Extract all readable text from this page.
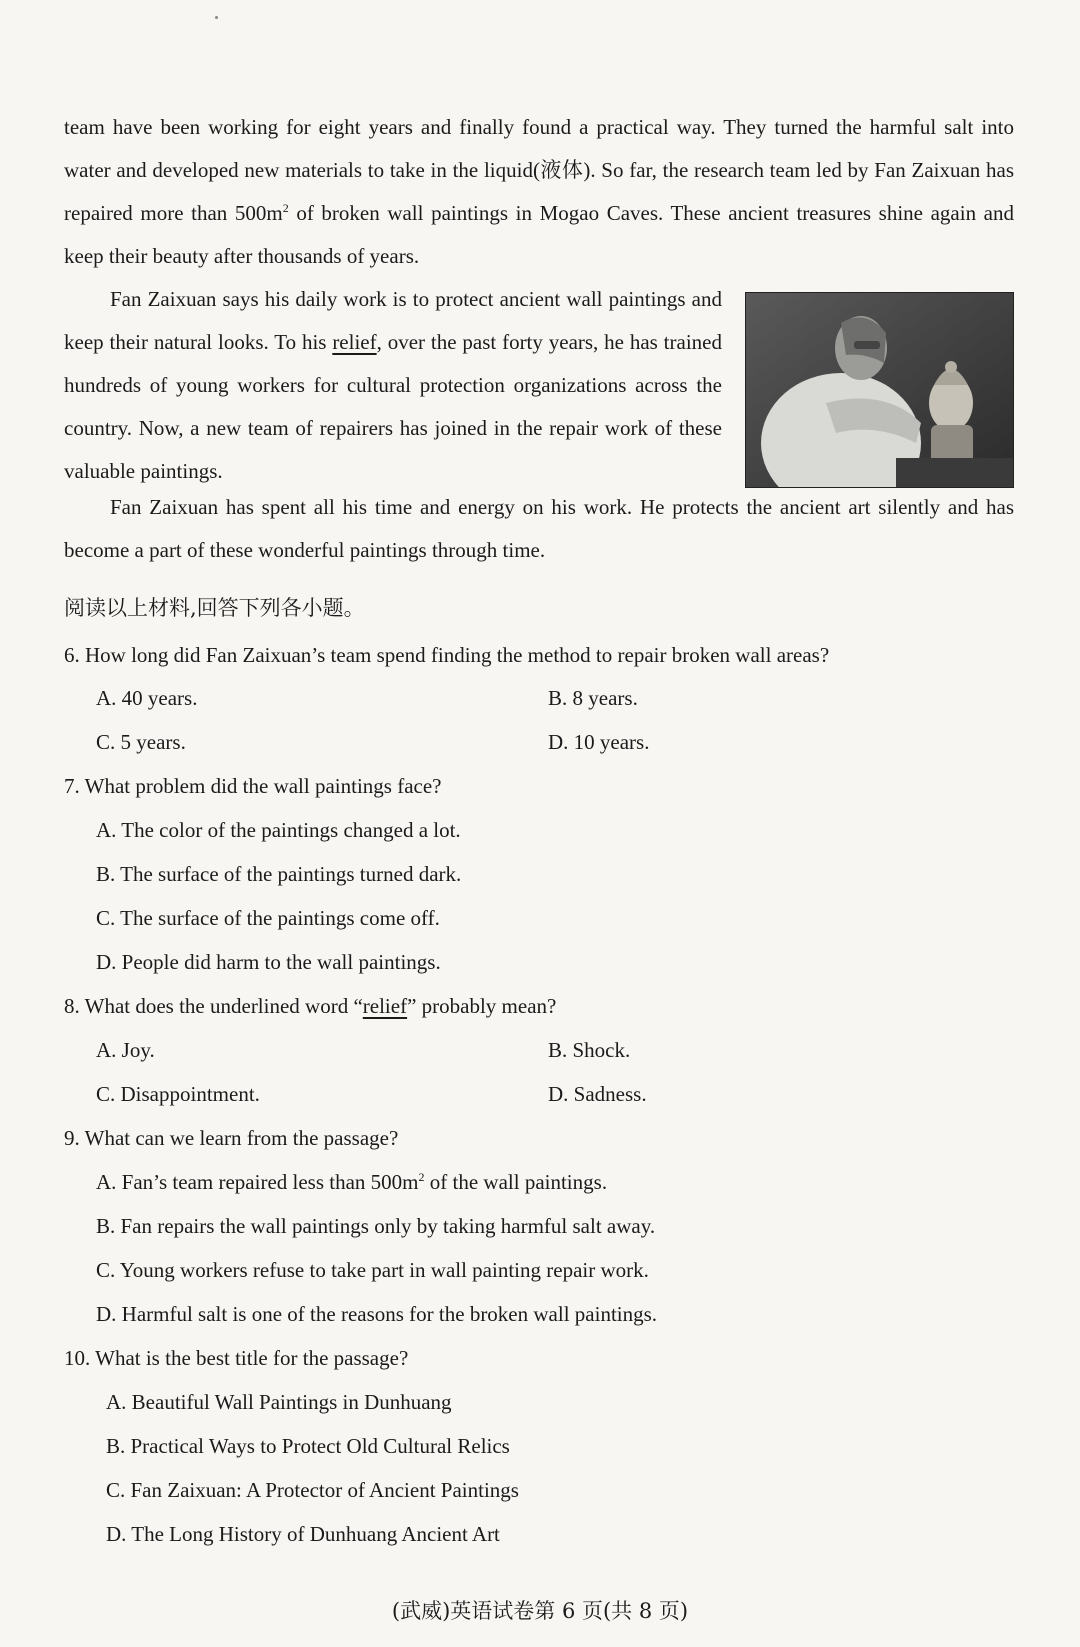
team have been working for eight years and finally found a practical way. They turned the harmful salt into water and developed new materials to take in the liquid(液体). So far, the research team led by Fan Zaixuan has repaired more than $500m^2$ of broken wall paintings in Mogao Caves. These ancient treasures shine again and keep their beauty after thousands of years.

Fan Zaixuan says his daily work is to protect ancient wall paintings and keep their natural looks. To his relief, over the past forty years, he has trained hundreds of young workers for cultural protection organizations across the country. Now, a new team of repairers has joined in the repair work of these valuable paintings.

Fan Zaixuan has spent all his time and energy on his work. He protects the ancient art silently and has become a part of these wonderful paintings through time.

阅读以上材料,回答下列各小题。
6. How long did Fan Zaixuan’s team spend finding the method to repair broken wall areas?
A. 40 years.	B. 8 years.
C. 5 years.	D. 10 years.
7. What problem did the wall paintings face?
A. The color of the paintings changed a lot.
B. The surface of the paintings turned dark.
C. The surface of the paintings come off.
D. People did harm to the wall paintings.
8. What does the underlined word “relief” probably mean?
A. Joy.	B. Shock.
C. Disappointment.	D. Sadness.
9. What can we learn from the passage?
A. Fan’s team repaired less than $500m^2$ of the wall paintings.
B. Fan repairs the wall paintings only by taking harmful salt away.
C. Young workers refuse to take part in wall painting repair work.
D. Harmful salt is one of the reasons for the broken wall paintings.
10. What is the best title for the passage?
A. Beautiful Wall Paintings in Dunhuang
B. Practical Ways to Protect Old Cultural Relics
C. Fan Zaixuan: A Protector of Ancient Paintings
D. The Long History of Dunhuang Ancient Art
(武威)英语试卷第 6 页(共 8 页)
